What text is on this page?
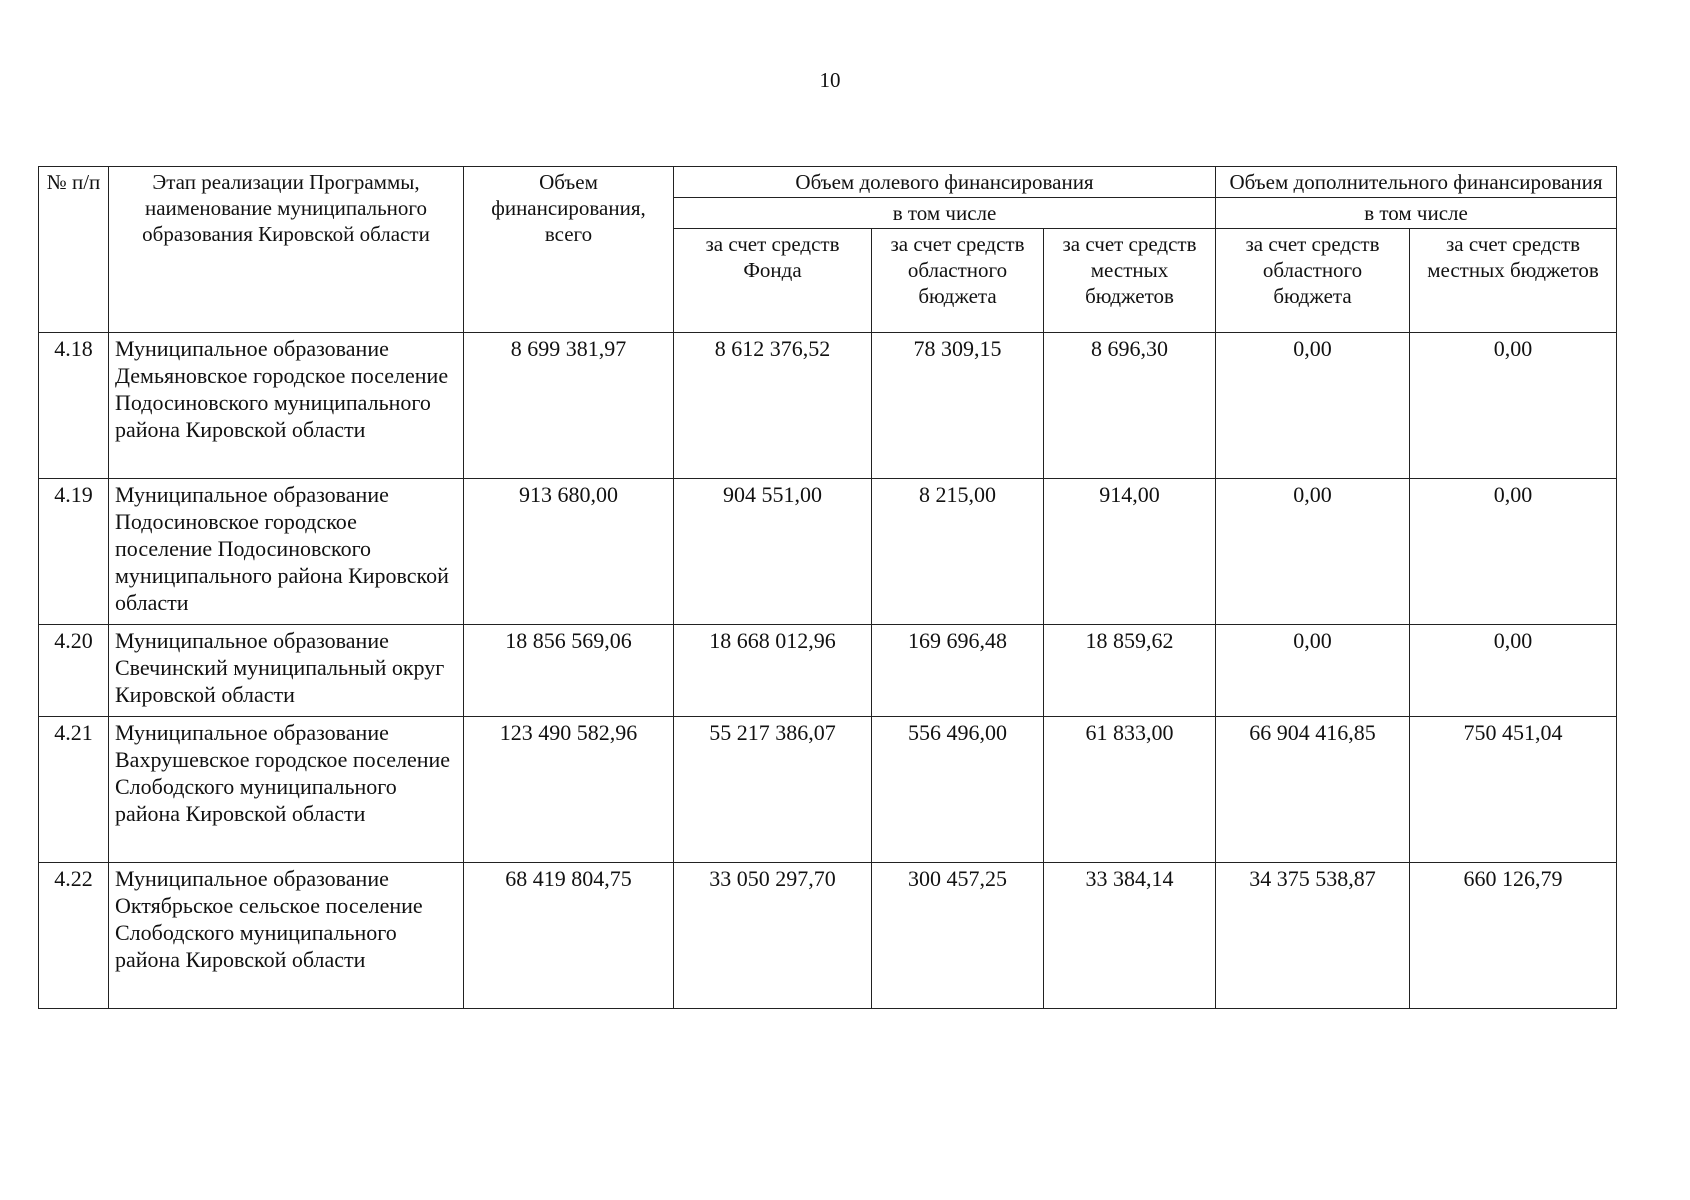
10
№ п/п	Этап реализации Программы, наименование муниципального образования Кировской области	Объем финансирования, всего	Объем долевого финансирования			Объем дополнительного финансирования	
			в том числе			в том числе	
			за счет средств Фонда	за счет средств областного бюджета	за счет средств местных бюджетов	за счет средств областного бюджета	за счет средств местных бюджетов
4.18	Муниципальное образование Демьяновское городское поселение Подосиновского муниципального района Кировской области	8 699 381,97	8 612 376,52	78 309,15	8 696,30	0,00	0,00
4.19	Муниципальное образование Подосиновское городское поселение Подосиновского муниципального района Кировской области	913 680,00	904 551,00	8 215,00	914,00	0,00	0,00
4.20	Муниципальное образование Свечинский муниципальный округ Кировской области	18 856 569,06	18 668 012,96	169 696,48	18 859,62	0,00	0,00
4.21	Муниципальное образование Вахрушевское городское поселение Слободского муниципального района Кировской области	123 490 582,96	55 217 386,07	556 496,00	61 833,00	66 904 416,85	750 451,04
4.22	Муниципальное образование Октябрьское сельское поселение Слободского муниципального района Кировской области	68 419 804,75	33 050 297,70	300 457,25	33 384,14	34 375 538,87	660 126,79
